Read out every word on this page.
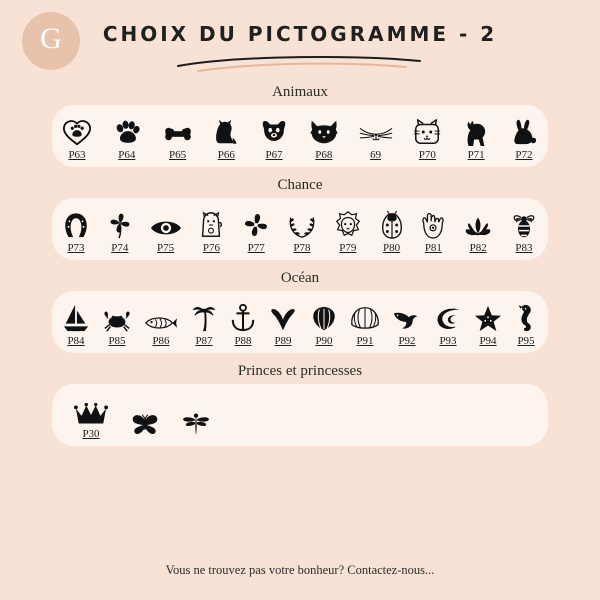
G	CHOIX DU PICTOGRAMME - 2
Animaux
P63	P64	P65	P66	P67	P68	69	P70	P71	P72
Chance
P73 P74	P75	P76	P77	P78	P79 P80 P81	P82	P83
Océan
P84 P85 P86 P87 P88 P89 P90 P91 P92 P93 P94 P95
Princes et princesses
P30
Vous ne trouvez pas votre bonheur? Contactez-nous...
